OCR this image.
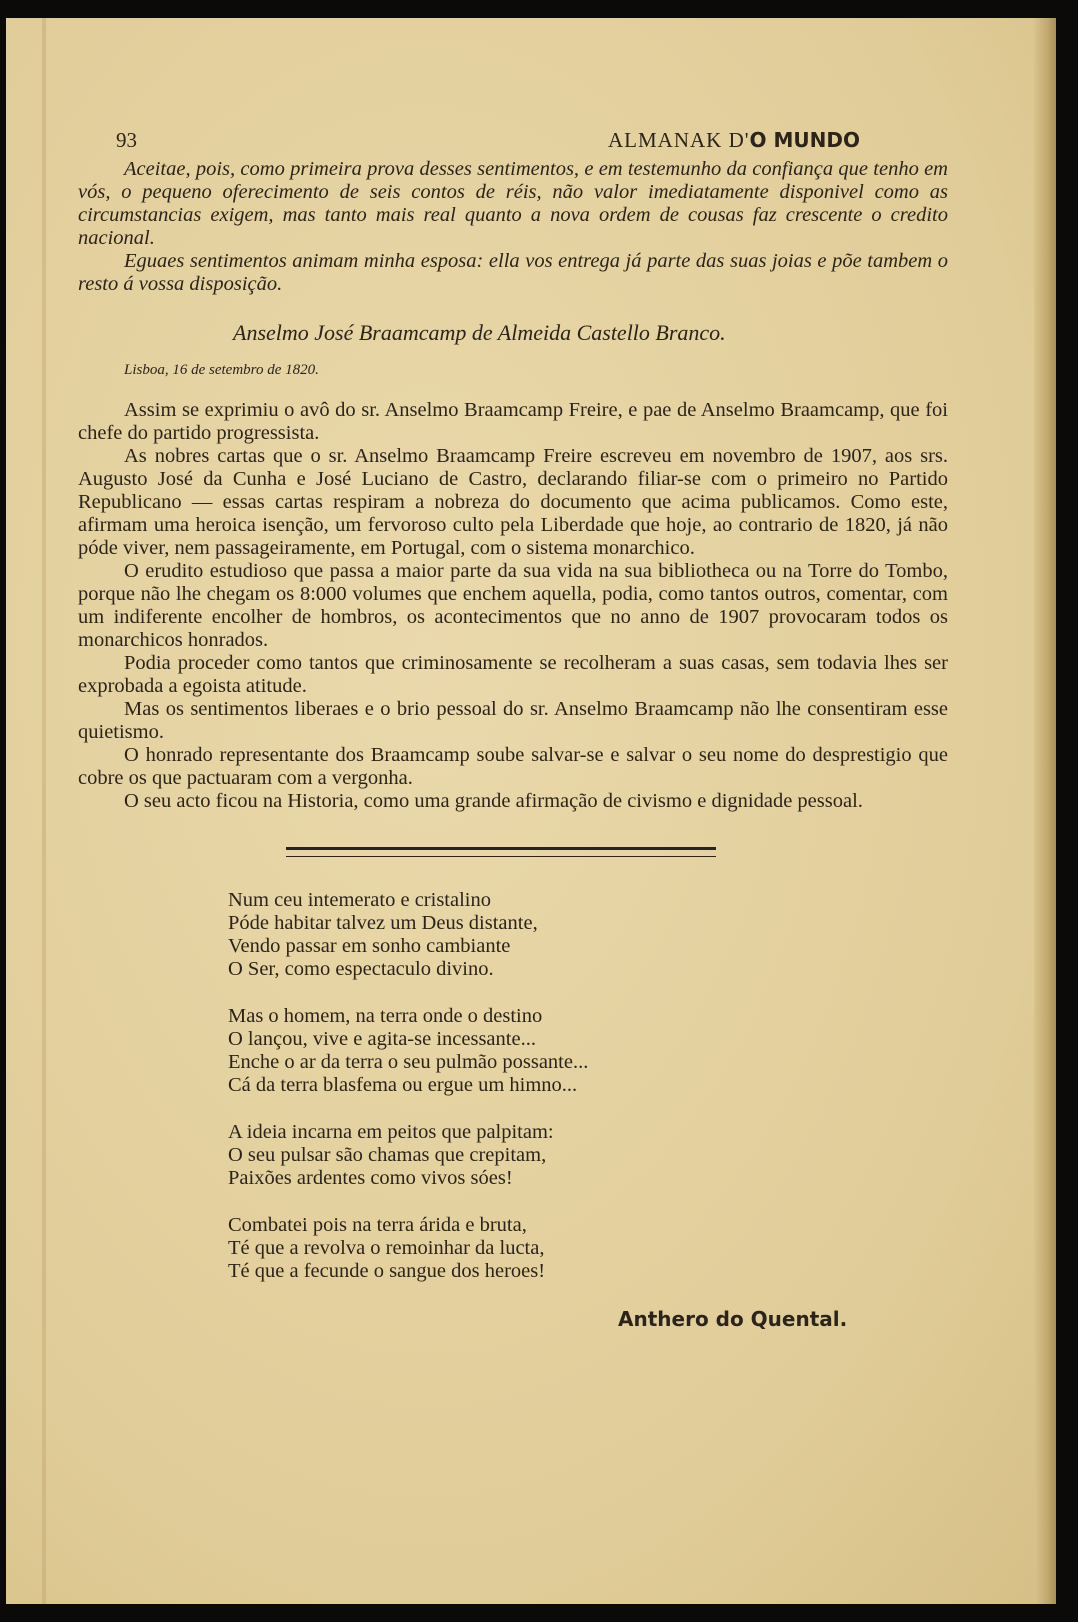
93	ALMANAK D'O MUNDO

Aceitae, pois, como primeira prova desses sentimentos, e em testemunho da confiança que tenho em vós, o pequeno oferecimento de seis contos de réis, não valor imediatamente disponivel como as circumstancias exigem, mas tanto mais real quanto a nova ordem de cousas faz crescente o credito nacional.

Eguaes sentimentos animam minha esposa: ella vos entrega já parte das suas joias e põe tambem o resto á vossa disposição.

Anselmo José Braamcamp de Almeida Castello Branco.
Lisboa, 16 de setembro de 1820.

Assim se exprimiu o avô do sr. Anselmo Braamcamp Freire, e pae de Anselmo Braamcamp, que foi chefe do partido progressista.

As nobres cartas que o sr. Anselmo Braamcamp Freire escreveu em novembro de 1907, aos srs. Augusto José da Cunha e José Luciano de Castro, declarando filiar-se com o primeiro no Partido Republicano — essas cartas respiram a nobreza do documento que acima publicamos. Como este, afirmam uma heroica isenção, um fervoroso culto pela Liberdade que hoje, ao contrario de 1820, já não póde viver, nem passageiramente, em Portugal, com o sistema monarchico.

O erudito estudioso que passa a maior parte da sua vida na sua bibliotheca ou na Torre do Tombo, porque não lhe chegam os 8:000 volumes que enchem aquella, podia, como tantos outros, comentar, com um indiferente encolher de hombros, os acontecimentos que no anno de 1907 provocaram todos os monarchicos honrados.

Podia proceder como tantos que criminosamente se recolheram a suas casas, sem todavia lhes ser exprobada a egoista atitude.

Mas os sentimentos liberaes e o brio pessoal do sr. Anselmo Braamcamp não lhe consentiram esse quietismo.

O honrado representante dos Braamcamp soube salvar-se e salvar o seu nome do desprestigio que cobre os que pactuaram com a vergonha.

O seu acto ficou na Historia, como uma grande afirmação de civismo e dignidade pessoal.

Num ceu intemerato e cristalino
Póde habitar talvez um Deus distante,
Vendo passar em sonho cambiante
O Ser, como espectaculo divino.
Mas o homem, na terra onde o destino
O lançou, vive e agita-se incessante...
Enche o ar da terra o seu pulmão possante...
Cá da terra blasfema ou ergue um himno...
A ideia incarna em peitos que palpitam:
O seu pulsar são chamas que crepitam,
Paixões ardentes como vivos sóes!
Combatei pois na terra árida e bruta,
Té que a revolva o remoinhar da lucta,
Té que a fecunde o sangue dos heroes!
Anthero do Quental.
